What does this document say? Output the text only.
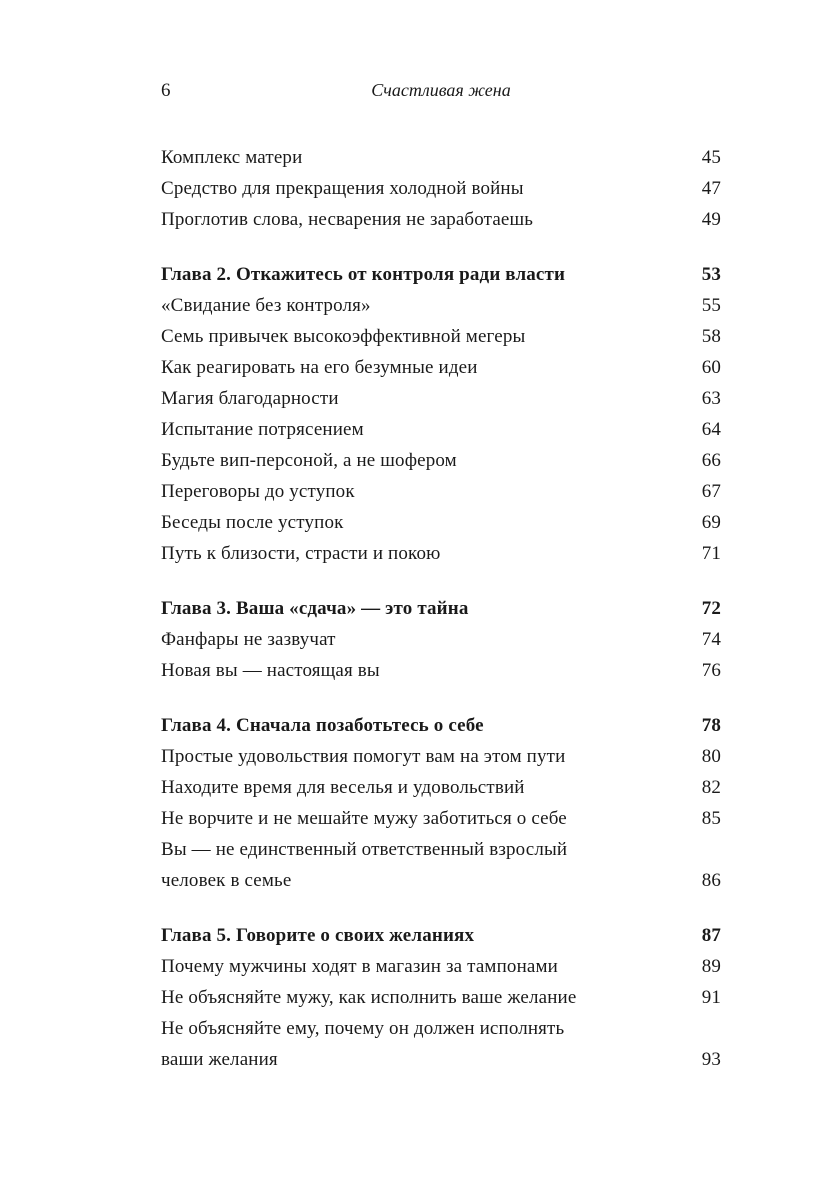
6	Счастливая жена
Комплекс матери	45
Средство для прекращения холодной войны	47
Проглотив слова, несварения не заработаешь	49
Глава 2. Откажитесь от контроля ради власти	53
«Свидание без контроля»	55
Семь привычек высокоэффективной мегеры	58
Как реагировать на его безумные идеи	60
Магия благодарности	63
Испытание потрясением	64
Будьте вип-персоной, а не шофером	66
Переговоры до уступок	67
Беседы после уступок	69
Путь к близости, страсти и покою	71
Глава 3. Ваша «сдача» — это тайна	72
Фанфары не зазвучат	74
Новая вы — настоящая вы	76
Глава 4. Сначала позаботьтесь о себе	78
Простые удовольствия помогут вам на этом пути	80
Находите время для веселья и удовольствий	82
Не ворчите и не мешайте мужу заботиться о себе	85
Вы — не единственный ответственный взрослый
человек в семье	86
Глава 5. Говорите о своих желаниях	87
Почему мужчины ходят в магазин за тампонами	89
Не объясняйте мужу, как исполнить ваше желание	91
Не объясняйте ему, почему он должен исполнять
ваши желания	93
